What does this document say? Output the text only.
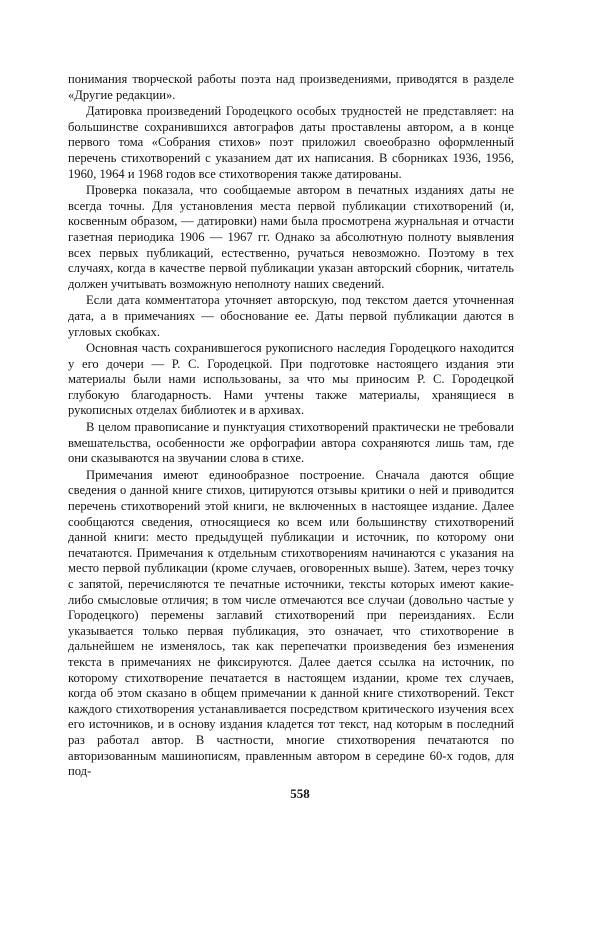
понимания творческой работы поэта над произведениями, приводятся в разделе «Другие редакции».

Датировка произведений Городецкого особых трудностей не представляет: на большинстве сохранившихся автографов даты проставлены автором, а в конце первого тома «Собрания стихов» поэт приложил своеобразно оформленный перечень стихотворений с указанием дат их написания. В сборниках 1936, 1956, 1960, 1964 и 1968 годов все стихотворения также датированы.

Проверка показала, что сообщаемые автором в печатных изданиях даты не всегда точны. Для установления места первой публикации стихотворений (и, косвенным образом, — датировки) нами была просмотрена журнальная и отчасти газетная периодика 1906 — 1967 гг. Однако за абсолютную полноту выявления всех первых публикаций, естественно, ручаться невозможно. Поэтому в тех случаях, когда в качестве первой публикации указан авторский сборник, читатель должен учитывать возможную неполноту наших сведений.

Если дата комментатора уточняет авторскую, под текстом дается уточненная дата, а в примечаниях — обоснование ее. Даты первой публикации даются в угловых скобках.

Основная часть сохранившегося рукописного наследия Городецкого находится у его дочери — Р. С. Городецкой. При подготовке настоящего издания эти материалы были нами использованы, за что мы приносим Р. С. Городецкой глубокую благодарность. Нами учтены также материалы, хранящиеся в рукописных отделах библиотек и в архивах.

В целом правописание и пунктуация стихотворений практически не требовали вмешательства, особенности же орфографии автора сохраняются лишь там, где они сказываются на звучании слова в стихе.

Примечания имеют единообразное построение. Сначала даются общие сведения о данной книге стихов, цитируются отзывы критики о ней и приводится перечень стихотворений этой книги, не включенных в настоящее издание. Далее сообщаются сведения, относящиеся ко всем или большинству стихотворений данной книги: место предыдущей публикации и источник, по которому они печатаются. Примечания к отдельным стихотворениям начинаются с указания на место первой публикации (кроме случаев, оговоренных выше). Затем, через точку с запятой, перечисляются те печатные источники, тексты которых имеют какие-либо смысловые отличия; в том числе отмечаются все случаи (довольно частые у Городецкого) перемены заглавий стихотворений при переизданиях. Если указывается только первая публикация, это означает, что стихотворение в дальнейшем не изменялось, так как перепечатки произведения без изменения текста в примечаниях не фиксируются. Далее дается ссылка на источник, по которому стихотворение печатается в настоящем издании, кроме тех случаев, когда об этом сказано в общем примечании к данной книге стихотворений. Текст каждого стихотворения устанавливается посредством критического изучения всех его источников, и в основу издания кладется тот текст, над которым в последний раз работал автор. В частности, многие стихотворения печатаются по авторизованным машинописям, правленным автором в середине 60-х годов, для под-

558
